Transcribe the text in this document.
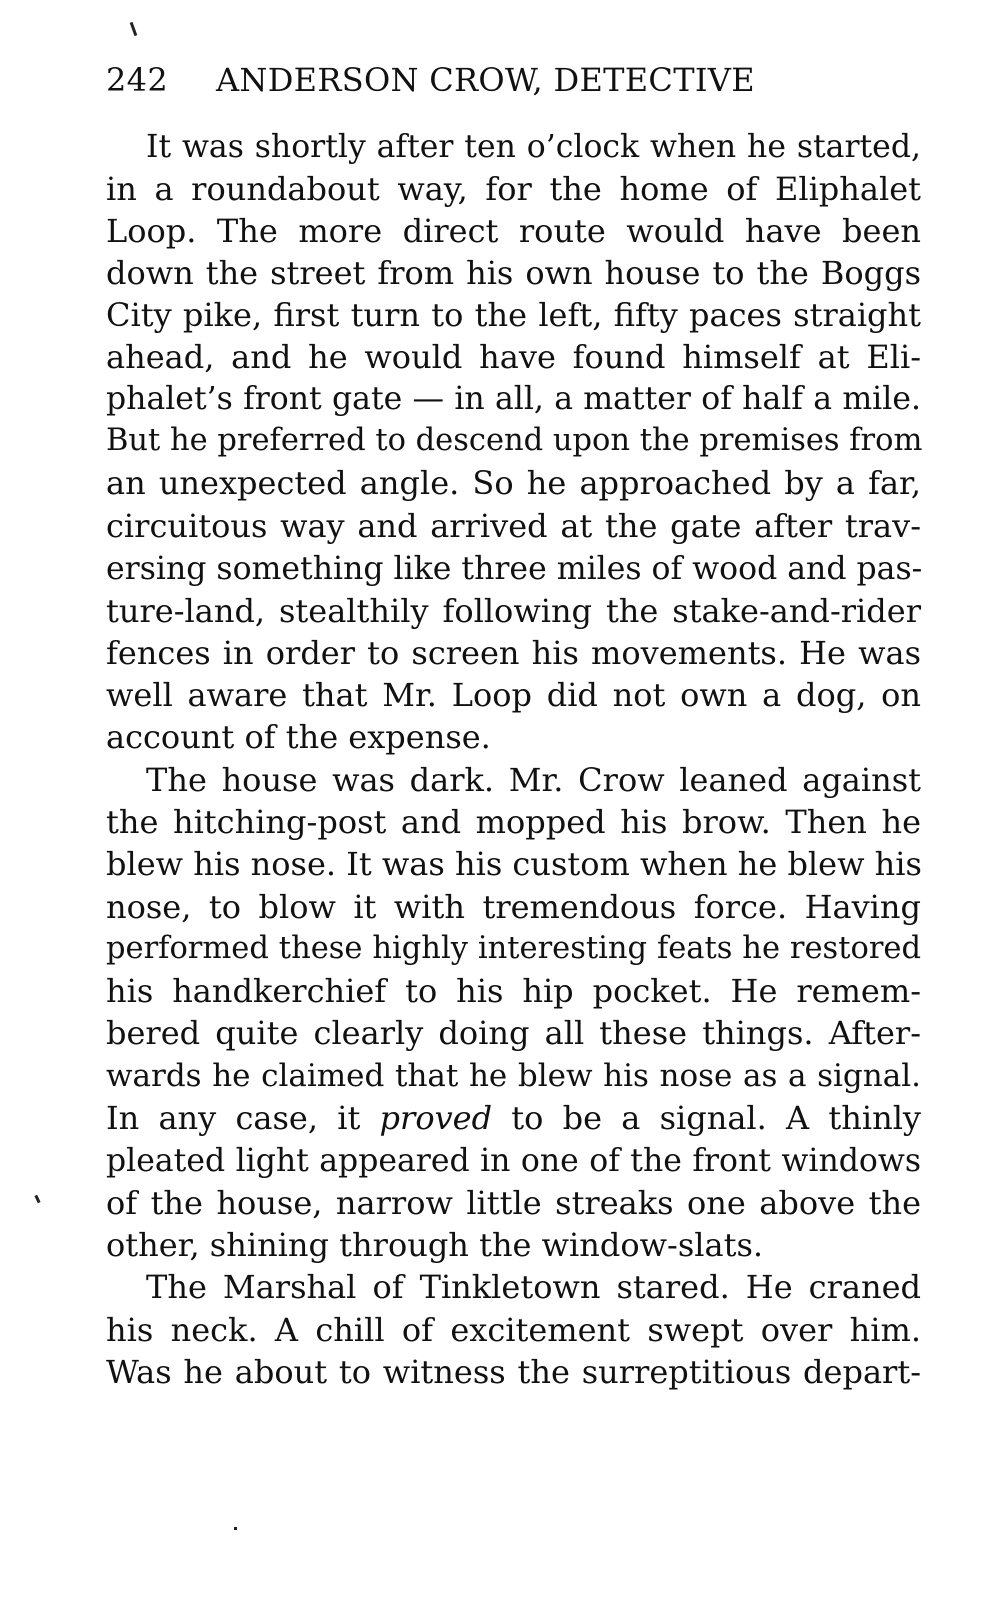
242 ANDERSON CROW, DETECTIVE
It was shortly after ten o’clock when he started,
in a roundabout way, for the home of Eliphalet
Loop. The more direct route would have been
down the street from his own house to the Boggs
City pike, first turn to the left, fifty paces straight
ahead, and he would have found himself at Eli-
phalet’s front gate — in all, a matter of half a mile.
But he preferred to descend upon the premises from
an unexpected angle. So he approached by a far,
circuitous way and arrived at the gate after trav-
ersing something like three miles of wood and pas-
ture-land, stealthily following the stake-and-rider
fences in order to screen his movements. He was
well aware that Mr. Loop did not own a dog, on
account of the expense.
The house was dark. Mr. Crow leaned against
the hitching-post and mopped his brow. Then he
blew his nose. It was his custom when he blew his
nose, to blow it with tremendous force. Having
performed these highly interesting feats he restored
his handkerchief to his hip pocket. He remem-
bered quite clearly doing all these things. After-
wards he claimed that he blew his nose as a signal.
In any case, it proved to be a signal. A thinly
pleated light appeared in one of the front windows
of the house, narrow little streaks one above the
other, shining through the window-slats.
The Marshal of Tinkletown stared. He craned
his neck. A chill of excitement swept over him.
Was he about to witness the surreptitious depart-
